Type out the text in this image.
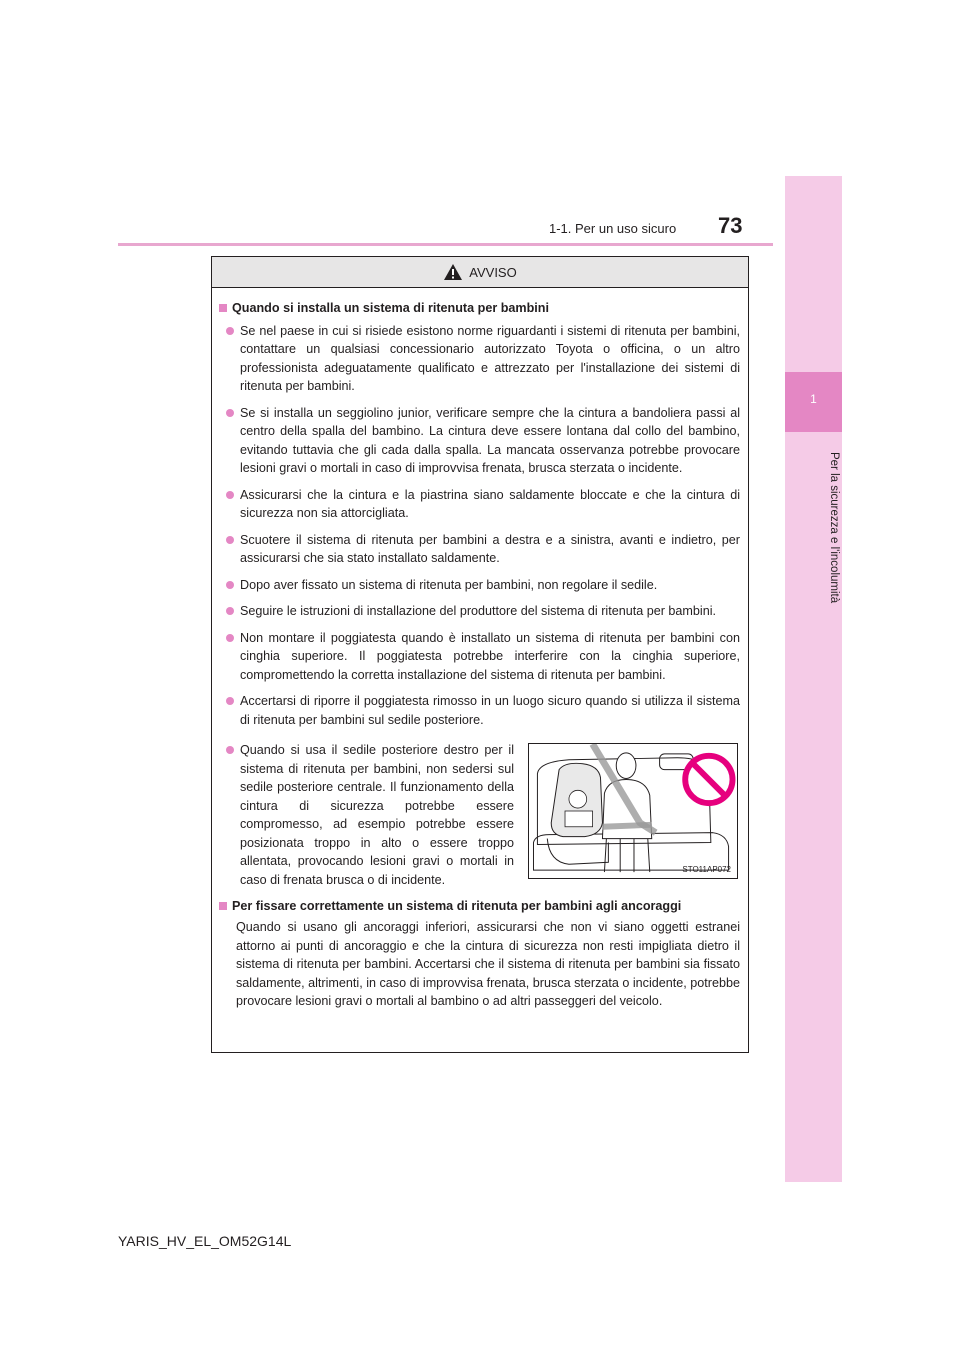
1-1. Per un uso sicuro 73
1
Per la sicurezza e l'incolumità
AVVISO
Quando si installa un sistema di ritenuta per bambini
Se nel paese in cui si risiede esistono norme riguardanti i sistemi di ritenuta per bambini, contattare un qualsiasi concessionario autorizzato Toyota o officina, o un altro professionista adeguatamente qualificato e attrezzato per l'installazione dei sistemi di ritenuta per bambini.
Se si installa un seggiolino junior, verificare sempre che la cintura a bandoliera passi al centro della spalla del bambino. La cintura deve essere lontana dal collo del bambino, evitando tuttavia che gli cada dalla spalla. La mancata osservanza potrebbe provocare lesioni gravi o mortali in caso di improvvisa frenata, brusca sterzata o incidente.
Assicurarsi che la cintura e la piastrina siano saldamente bloccate e che la cintura di sicurezza non sia attorcigliata.
Scuotere il sistema di ritenuta per bambini a destra e a sinistra, avanti e indietro, per assicurarsi che sia stato installato saldamente.
Dopo aver fissato un sistema di ritenuta per bambini, non regolare il sedile.
Seguire le istruzioni di installazione del produttore del sistema di ritenuta per bambini.
Non montare il poggiatesta quando è installato un sistema di ritenuta per bambini con cinghia superiore. Il poggiatesta potrebbe interferire con la cinghia superiore, compromettendo la corretta installazione del sistema di ritenuta per bambini.
Accertarsi di riporre il poggiatesta rimosso in un luogo sicuro quando si utilizza il sistema di ritenuta per bambini sul sedile posteriore.
Quando si usa il sedile posteriore destro per il sistema di ritenuta per bambini, non sedersi sul sedile posteriore centrale. Il funzionamento della cintura di sicurezza potrebbe essere compromesso, ad esempio potrebbe essere posizionata troppo in alto o essere troppo allentata, provocando lesioni gravi o mortali in caso di frenata brusca o di incidente.
STO11AP072
Per fissare correttamente un sistema di ritenuta per bambini agli ancoraggi
Quando si usano gli ancoraggi inferiori, assicurarsi che non vi siano oggetti estranei attorno ai punti di ancoraggio e che la cintura di sicurezza non resti impigliata dietro il sistema di ritenuta per bambini. Accertarsi che il sistema di ritenuta per bambini sia fissato saldamente, altrimenti, in caso di improvvisa frenata, brusca sterzata o incidente, potrebbe provocare lesioni gravi o mortali al bambino o ad altri passeggeri del veicolo.
YARIS_HV_EL_OM52G14L
